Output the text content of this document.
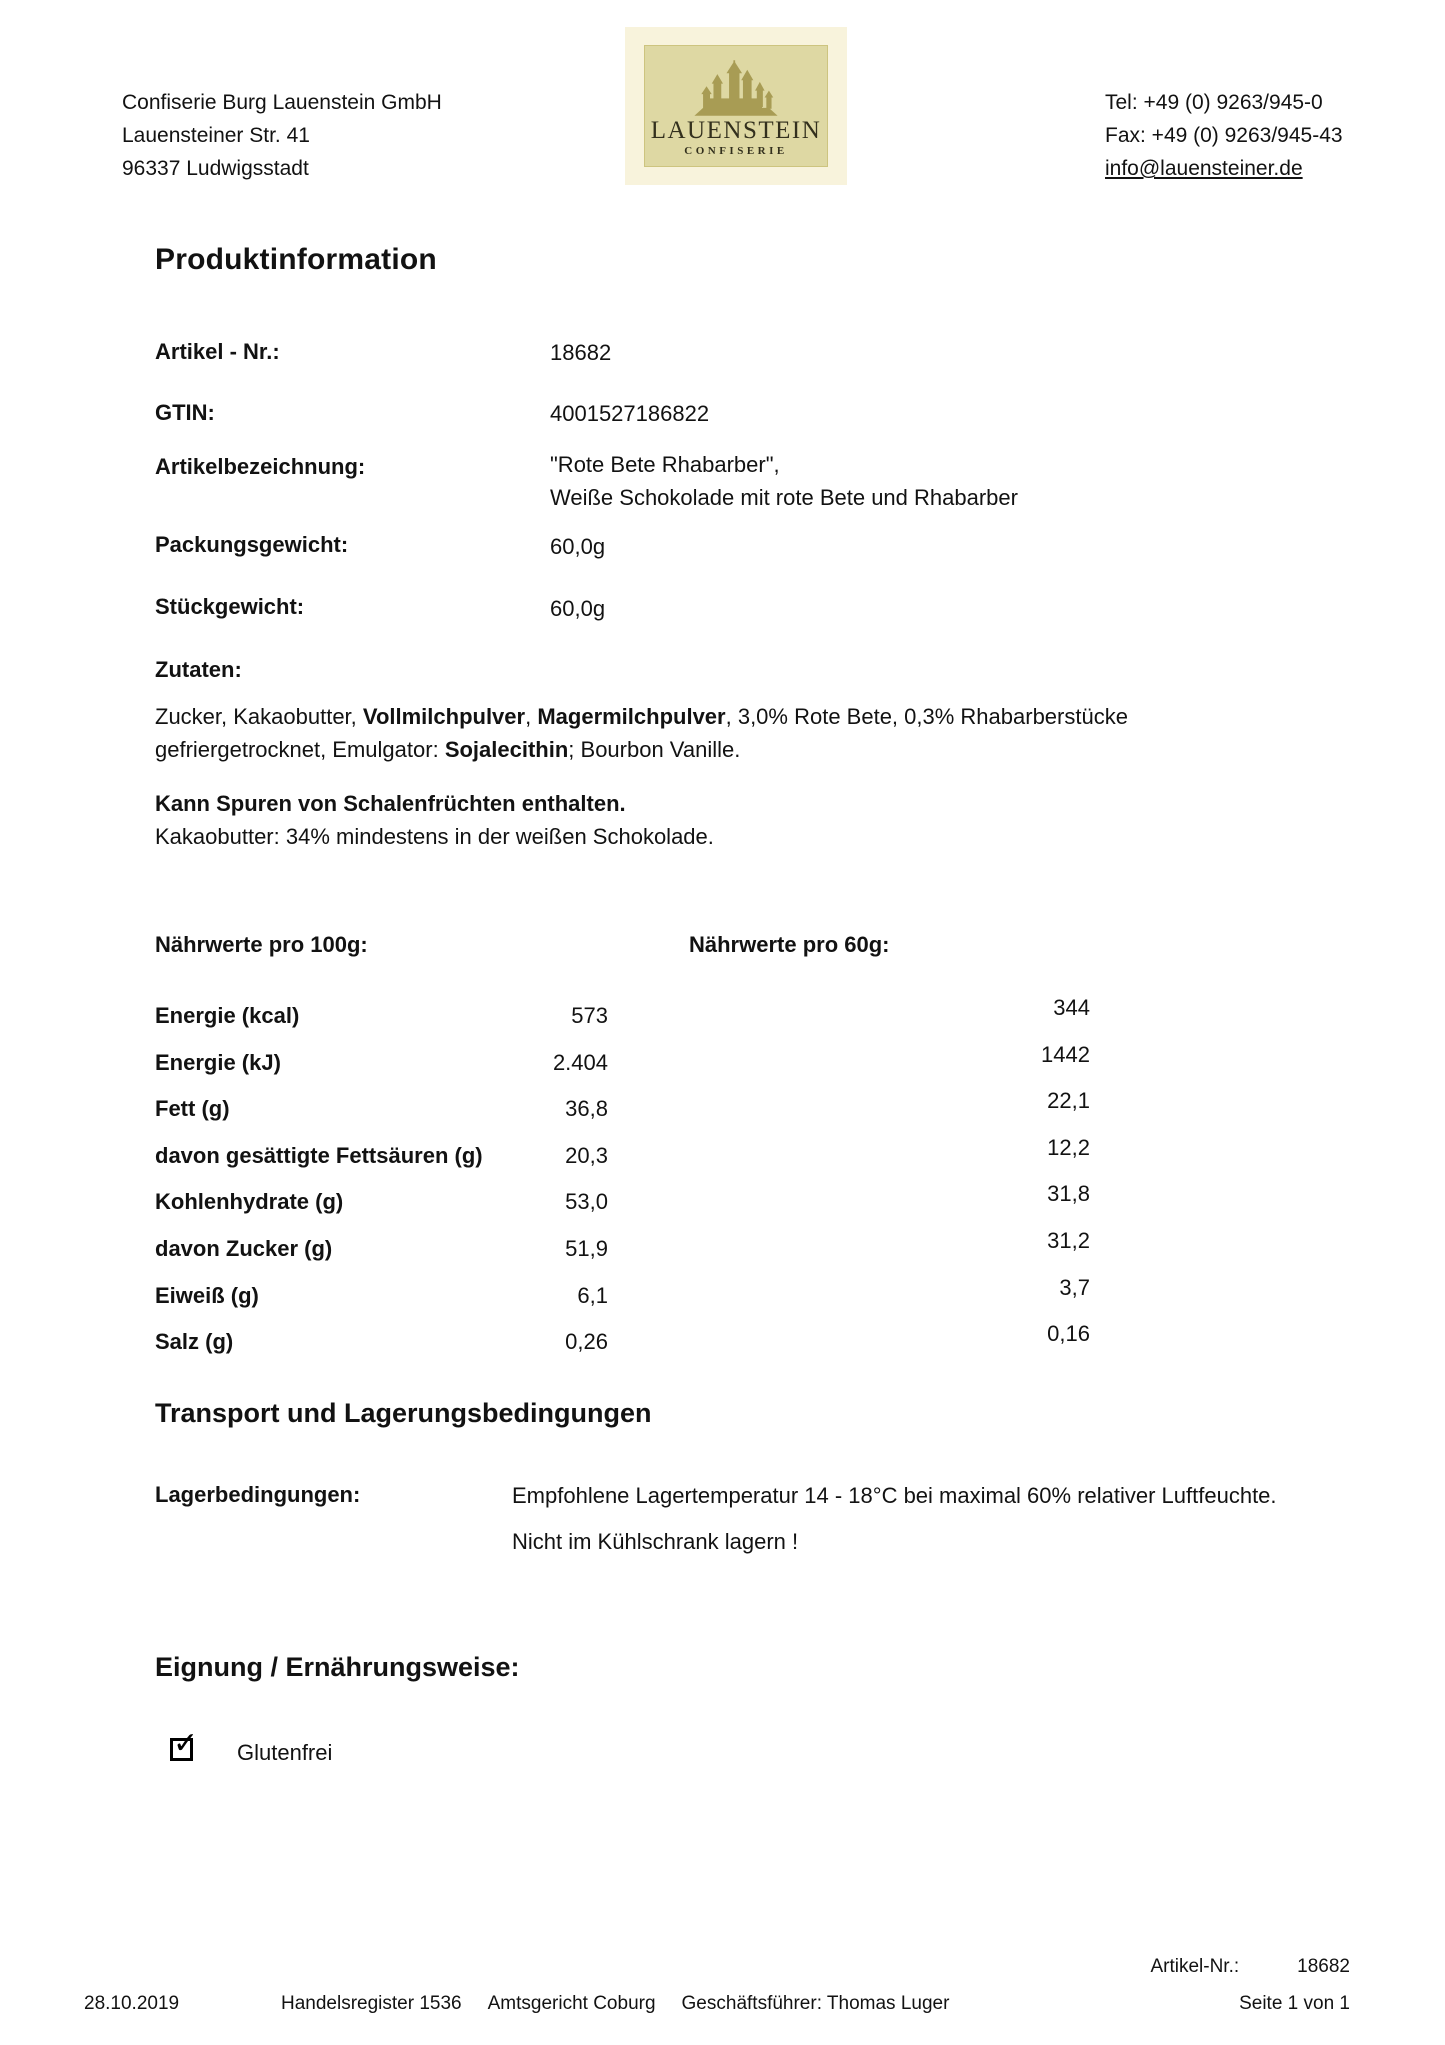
Confiserie Burg Lauenstein GmbH
Lauensteiner Str. 41
96337 Ludwigsstadt
LAUENSTEIN
CONFISERIE
Tel: +49 (0) 9263/945-0
Fax: +49 (0) 9263/945-43
info@lauensteiner.de
Produktinformation
Artikel - Nr.:	18682
GTIN:	4001527186822
Artikelbezeichnung:	"Rote Bete Rhabarber",
Weiße Schokolade mit rote Bete und Rhabarber
Packungsgewicht:	60,0g
Stückgewicht:	60,0g
Zutaten:
Zucker, Kakaobutter, Vollmilchpulver, Magermilchpulver, 3,0% Rote Bete, 0,3% Rhabarberstücke
gefriergetrocknet, Emulgator: Sojalecithin; Bourbon Vanille.
Kann Spuren von Schalenfrüchten enthalten.
Kakaobutter: 34% mindestens in der weißen Schokolade.
Nährwerte pro 100g:	Nährwerte pro 60g:
Energie (kcal)	573	344
Energie (kJ)	2.404	1442
Fett (g)	36,8	22,1
davon gesättigte Fettsäuren (g)	20,3	12,2
Kohlenhydrate (g)	53,0	31,8
davon Zucker (g)	51,9	31,2
Eiweiß (g)	6,1	3,7
Salz (g)	0,26	0,16
Transport und Lagerungsbedingungen
Lagerbedingungen:	Empfohlene Lagertemperatur 14 - 18°C bei maximal 60% relativer Luftfeuchte.
Nicht im Kühlschrank lagern !
Eignung / Ernährungsweise:
✓ Glutenfrei
Artikel-Nr.:	18682
28.10.2019	Handelsregister 1536 Amtsgericht Coburg Geschäftsführer: Thomas Luger	Seite 1 von 1
